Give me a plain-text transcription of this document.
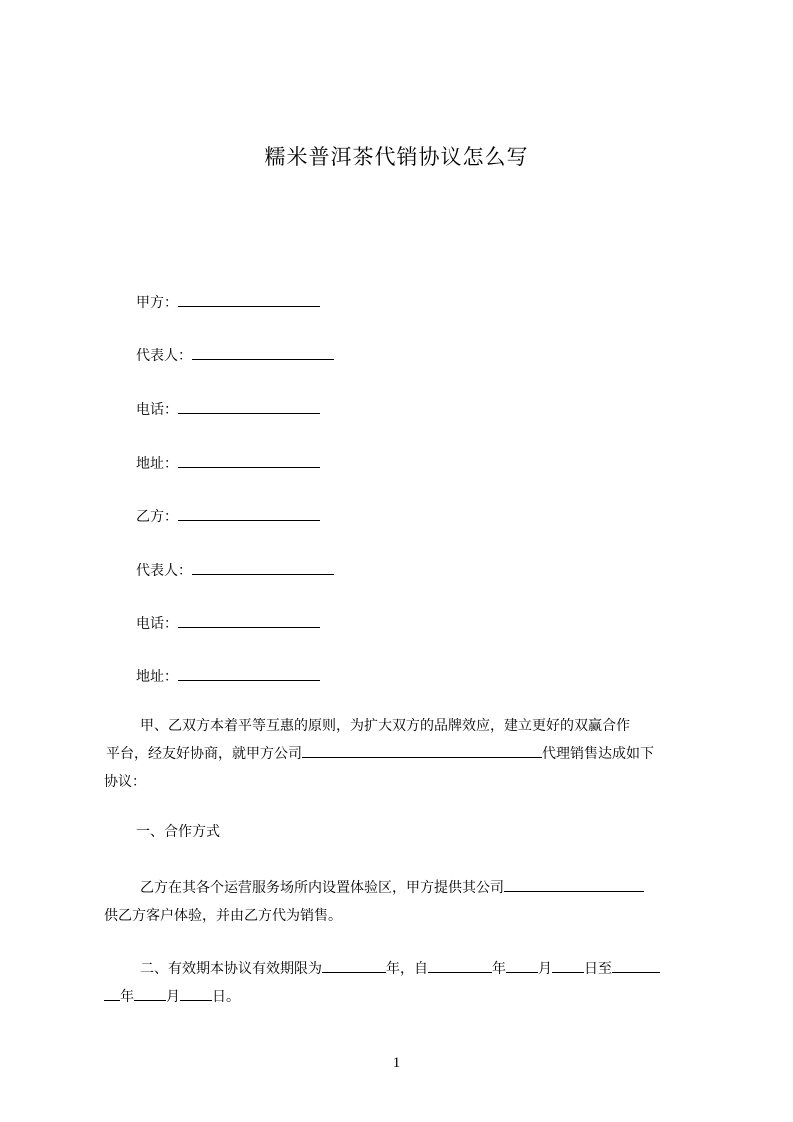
糯米普洱茶代销协议怎么写
甲方：
代表人：
电话：
地址：
乙方：
代表人：
电话：
地址：
甲、乙双方本着平等互惠的原则，为扩大双方的品牌效应，建立更好的双赢合作
平台，经友好协商，就甲方公司	代理销售达成如下
协议：
一、合作方式
乙方在其各个运营服务场所内设置体验区，甲方提供其公司
供乙方客户体验，并由乙方代为销售。
二、有效期本协议有效期限为	年，自	年 月 日至
年 月 日。
1
